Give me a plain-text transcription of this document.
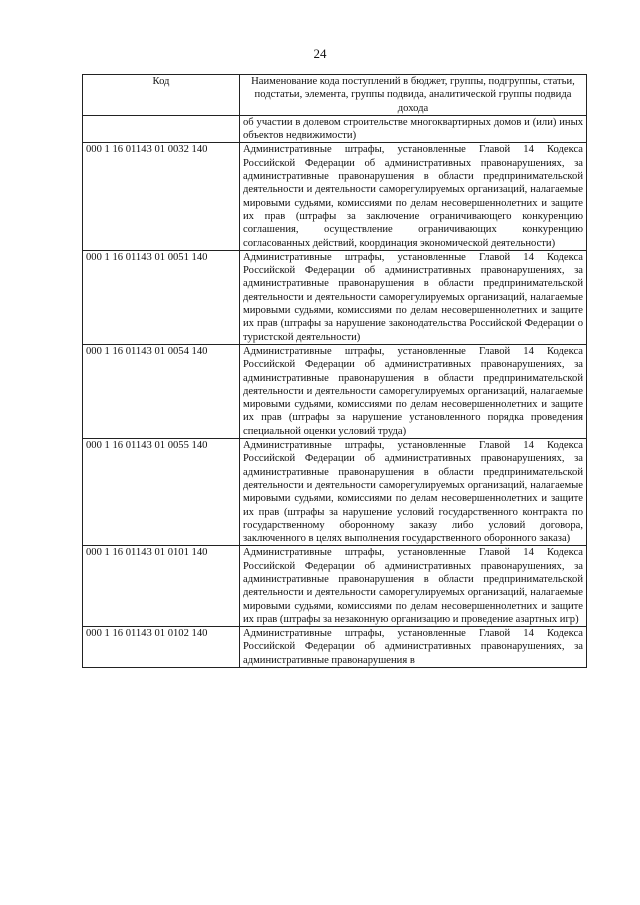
24
Код	Наименование кода поступлений в бюджет, группы, подгруппы, статьи, подстатьи, элемента, группы подвида, аналитической группы подвида дохода
	об участии в долевом строительстве многоквартирных домов и (или) иных объектов недвижимости)
000 1 16 01143 01 0032 140	Административные штрафы, установленные Главой 14 Кодекса Российской Федерации об административных правонарушениях, за административные правонарушения в области предпринимательской деятельности и деятельности саморегулируемых организаций, налагаемые мировыми судьями, комиссиями по делам несовершеннолетних и защите их прав (штрафы за заключение ограничивающего конкуренцию соглашения, осуществление ограничивающих конкуренцию согласованных действий, координация экономической деятельности)
000 1 16 01143 01 0051 140	Административные штрафы, установленные Главой 14 Кодекса Российской Федерации об административных правонарушениях, за административные правонарушения в области предпринимательской деятельности и деятельности саморегулируемых организаций, налагаемые мировыми судьями, комиссиями по делам несовершеннолетних и защите их прав (штрафы за нарушение законодательства Российской Федерации о туристской деятельности)
000 1 16 01143 01 0054 140	Административные штрафы, установленные Главой 14 Кодекса Российской Федерации об административных правонарушениях, за административные правонарушения в области предпринимательской деятельности и деятельности саморегулируемых организаций, налагаемые мировыми судьями, комиссиями по делам несовершеннолетних и защите их прав (штрафы за нарушение установленного порядка проведения специальной оценки условий труда)
000 1 16 01143 01 0055 140	Административные штрафы, установленные Главой 14 Кодекса Российской Федерации об административных правонарушениях, за административные правонарушения в области предпринимательской деятельности и деятельности саморегулируемых организаций, налагаемые мировыми судьями, комиссиями по делам несовершеннолетних и защите их прав (штрафы за нарушение условий государственного контракта по государственному оборонному заказу либо условий договора, заключенного в целях выполнения государственного оборонного заказа)
000 1 16 01143 01 0101 140	Административные штрафы, установленные Главой 14 Кодекса Российской Федерации об административных правонарушениях, за административные правонарушения в области предпринимательской деятельности и деятельности саморегулируемых организаций, налагаемые мировыми судьями, комиссиями по делам несовершеннолетних и защите их прав (штрафы за незаконную организацию и проведение азартных игр)
000 1 16 01143 01 0102 140	Административные штрафы, установленные Главой 14 Кодекса Российской Федерации об административных правонарушениях, за административные правонарушения в
